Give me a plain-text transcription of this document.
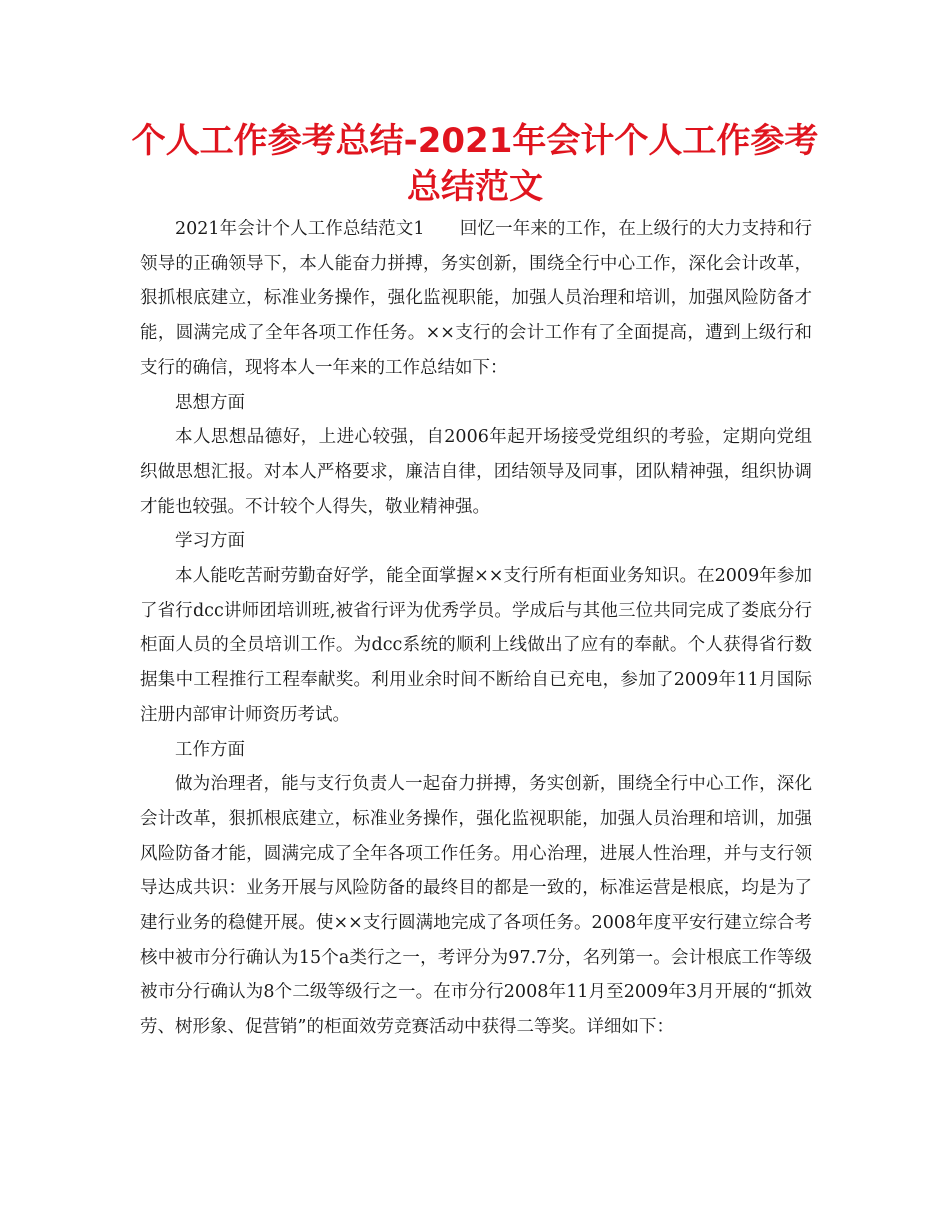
个人工作参考总结-2021年会计个人工作参考总结范文

2021年会计个人工作总结范文1　　回忆一年来的工作，在上级行的大力支持和行领导的正确领导下，本人能奋力拼搏，务实创新，围绕全行中心工作，深化会计改革，狠抓根底建立，标准业务操作，强化监视职能，加强人员治理和培训，加强风险防备才能，圆满完成了全年各项工作任务。××支行的会计工作有了全面提高，遭到上级行和支行的确信，现将本人一年来的工作总结如下：

思想方面

本人思想品德好，上进心较强，自2006年起开场接受党组织的考验，定期向党组织做思想汇报。对本人严格要求，廉洁自律，团结领导及同事，团队精神强，组织协调才能也较强。不计较个人得失，敬业精神强。

学习方面

本人能吃苦耐劳勤奋好学，能全面掌握××支行所有柜面业务知识。在2009年参加了省行dcc讲师团培训班,被省行评为优秀学员。学成后与其他三位共同完成了娄底分行柜面人员的全员培训工作。为dcc系统的顺利上线做出了应有的奉献。个人获得省行数据集中工程推行工程奉献奖。利用业余时间不断给自已充电，参加了2009年11月国际注册内部审计师资历考试。

工作方面

做为治理者，能与支行负责人一起奋力拼搏，务实创新，围绕全行中心工作，深化会计改革，狠抓根底建立，标准业务操作，强化监视职能，加强人员治理和培训，加强风险防备才能，圆满完成了全年各项工作任务。用心治理，进展人性治理，并与支行领导达成共识：业务开展与风险防备的最终目的都是一致的，标准运营是根底，均是为了建行业务的稳健开展。使××支行圆满地完成了各项任务。2008年度平安行建立综合考核中被市分行确认为15个a类行之一，考评分为97.7分，名列第一。会计根底工作等级被市分行确认为8个二级等级行之一。在市分行2008年11月至2009年3月开展的“抓效劳、树形象、促营销”的柜面效劳竞赛活动中获得二等奖。详细如下：
